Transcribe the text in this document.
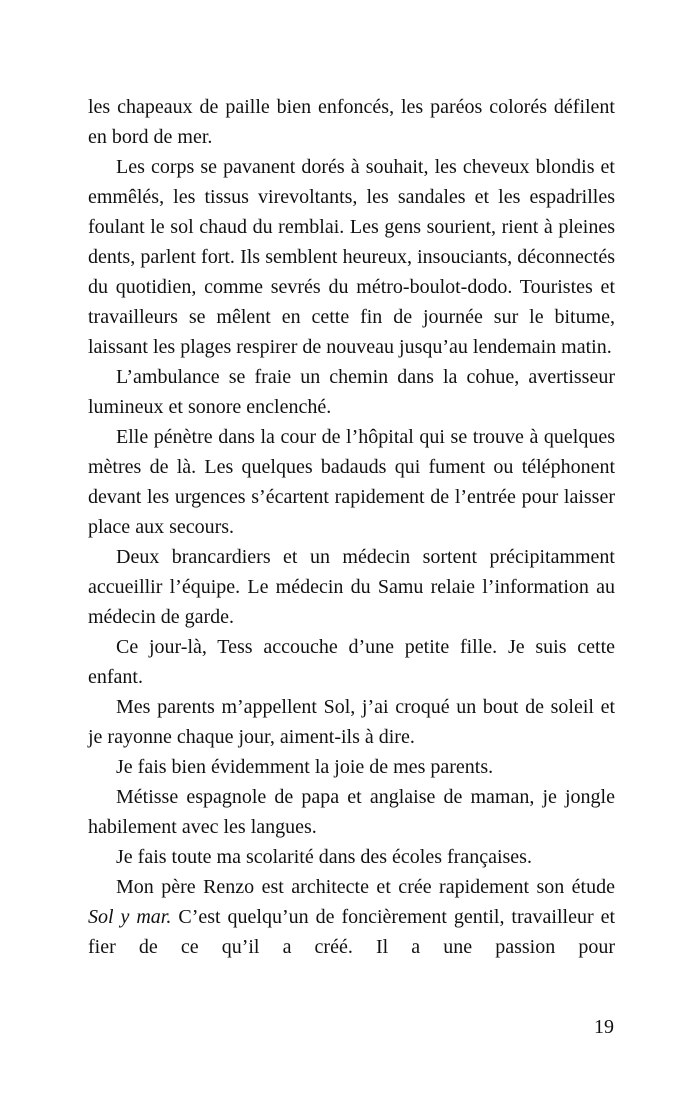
les chapeaux de paille bien enfoncés, les paréos colorés défilent en bord de mer.

Les corps se pavanent dorés à souhait, les cheveux blondis et emmêlés, les tissus virevoltants, les sandales et les espadrilles foulant le sol chaud du remblai. Les gens sourient, rient à pleines dents, parlent fort. Ils semblent heureux, insouciants, déconnectés du quotidien, comme sevrés du métro-boulot-dodo. Touristes et travailleurs se mêlent en cette fin de journée sur le bitume, laissant les plages respirer de nouveau jusqu’au lendemain matin.

L’ambulance se fraie un chemin dans la cohue, avertisseur lumineux et sonore enclenché.

Elle pénètre dans la cour de l’hôpital qui se trouve à quelques mètres de là. Les quelques badauds qui fument ou téléphonent devant les urgences s’écartent rapidement de l’entrée pour laisser place aux secours.

Deux brancardiers et un médecin sortent précipitamment accueillir l’équipe. Le médecin du Samu relaie l’information au médecin de garde.

Ce jour-là, Tess accouche d’une petite fille. Je suis cette enfant.

Mes parents m’appellent Sol, j’ai croqué un bout de soleil et je rayonne chaque jour, aiment-ils à dire.

Je fais bien évidemment la joie de mes parents.

Métisse espagnole de papa et anglaise de maman, je jongle habilement avec les langues.

Je fais toute ma scolarité dans des écoles françaises.

Mon père Renzo est architecte et crée rapidement son étude Sol y mar. C’est quelqu’un de foncièrement gentil, travailleur et fier de ce qu’il a créé. Il a une passion pour

19
